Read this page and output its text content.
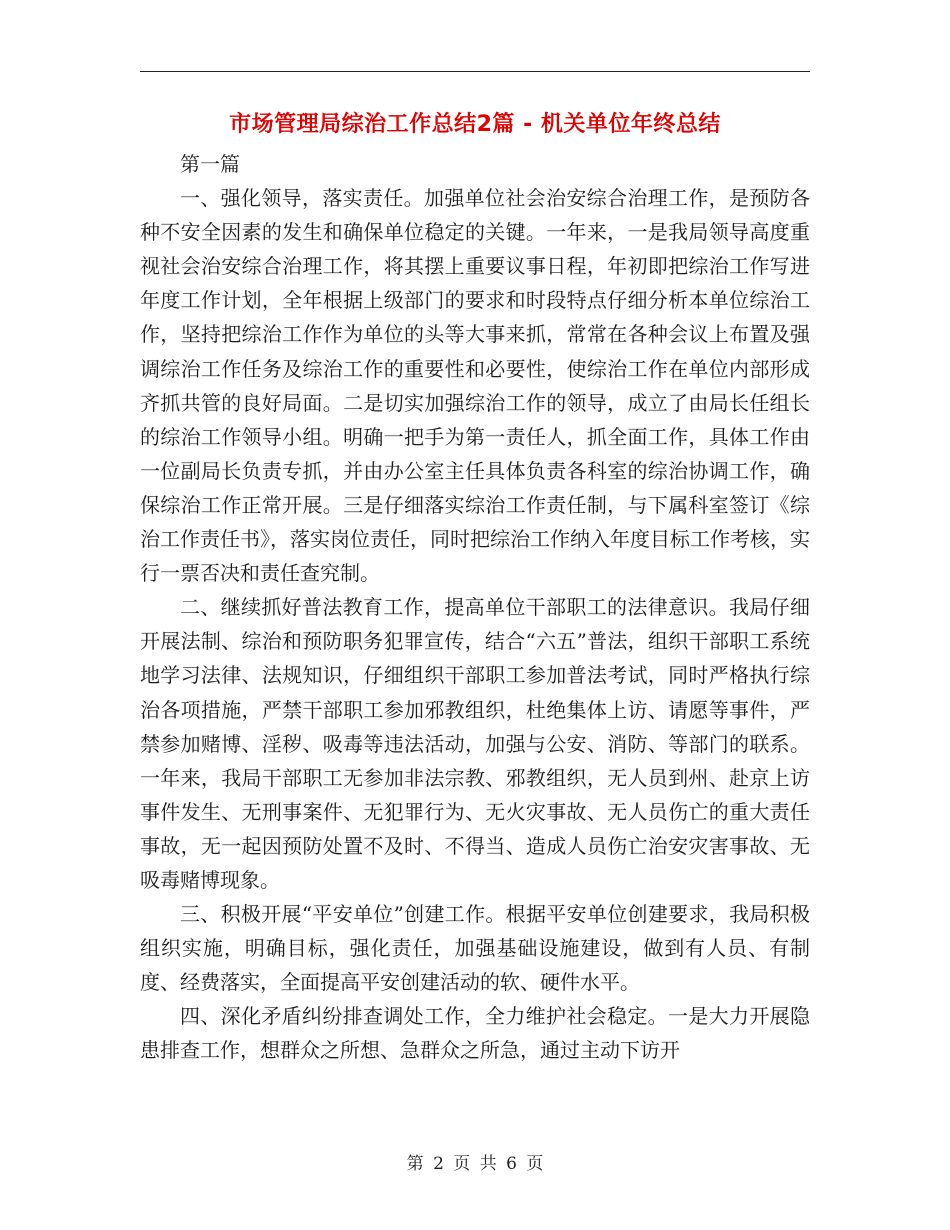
市场管理局综治工作总结2篇 - 机关单位年终总结

第一篇

一、强化领导，落实责任。加强单位社会治安综合治理工作，是预防各种不安全因素的发生和确保单位稳定的关键。一年来，一是我局领导高度重视社会治安综合治理工作，将其摆上重要议事日程，年初即把综治工作写进年度工作计划，全年根据上级部门的要求和时段特点仔细分析本单位综治工作，坚持把综治工作作为单位的头等大事来抓，常常在各种会议上布置及强调综治工作任务及综治工作的重要性和必要性，使综治工作在单位内部形成齐抓共管的良好局面。二是切实加强综治工作的领导，成立了由局长任组长的综治工作领导小组。明确一把手为第一责任人，抓全面工作，具体工作由一位副局长负责专抓，并由办公室主任具体负责各科室的综治协调工作，确保综治工作正常开展。三是仔细落实综治工作责任制，与下属科室签订《综治工作责任书》，落实岗位责任，同时把综治工作纳入年度目标工作考核，实行一票否决和责任查究制。

二、继续抓好普法教育工作，提高单位干部职工的法律意识。我局仔细开展法制、综治和预防职务犯罪宣传，结合“六五”普法，组织干部职工系统地学习法律、法规知识，仔细组织干部职工参加普法考试，同时严格执行综治各项措施，严禁干部职工参加邪教组织，杜绝集体上访、请愿等事件，严禁参加赌博、淫秽、吸毒等违法活动，加强与公安、消防、等部门的联系。一年来，我局干部职工无参加非法宗教、邪教组织，无人员到州、赴京上访事件发生、无刑事案件、无犯罪行为、无火灾事故、无人员伤亡的重大责任事故，无一起因预防处置不及时、不得当、造成人员伤亡治安灾害事故、无吸毒赌博现象。

三、积极开展“平安单位”创建工作。根据平安单位创建要求，我局积极组织实施，明确目标，强化责任，加强基础设施建设，做到有人员、有制度、经费落实，全面提高平安创建活动的软、硬件水平。

四、深化矛盾纠纷排查调处工作，全力维护社会稳定。一是大力开展隐患排查工作，想群众之所想、急群众之所急，通过主动下访开

第 2 页 共 6 页
